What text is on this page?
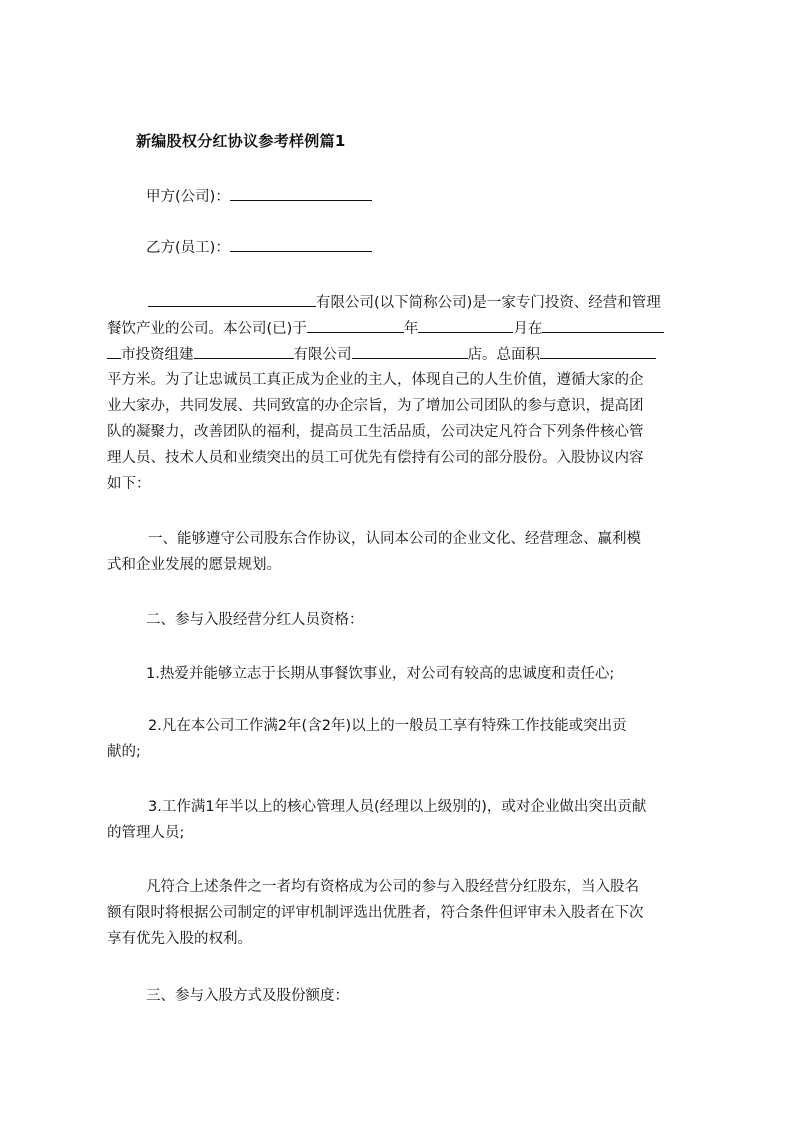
新编股权分红协议参考样例篇1
甲方(公司)：
乙方(员工)：
有限公司(以下简称公司)是一家专门投资、经营和管理
餐饮产业的公司。本公司(已)于	年	月在
市投资组建	有限公司	店。总面积
平方米。为了让忠诚员工真正成为企业的主人，体现自己的人生价值，遵循大家的企
业大家办，共同发展、共同致富的办企宗旨，为了增加公司团队的参与意识，提高团
队的凝聚力，改善团队的福利，提高员工生活品质，公司决定凡符合下列条件核心管
理人员、技术人员和业绩突出的员工可优先有偿持有公司的部分股份。入股协议内容
如下：
一、能够遵守公司股东合作协议，认同本公司的企业文化、经营理念、赢利模
式和企业发展的愿景规划。
二、参与入股经营分红人员资格：
1.热爱并能够立志于长期从事餐饮事业，对公司有较高的忠诚度和责任心;
2.凡在本公司工作满2年(含2年)以上的一般员工享有特殊工作技能或突出贡
献的;
3.工作满1年半以上的核心管理人员(经理以上级别的)，或对企业做出突出贡献
的管理人员;
凡符合上述条件之一者均有资格成为公司的参与入股经营分红股东，当入股名
额有限时将根据公司制定的评审机制评选出优胜者，符合条件但评审未入股者在下次
享有优先入股的权利。
三、参与入股方式及股份额度：
